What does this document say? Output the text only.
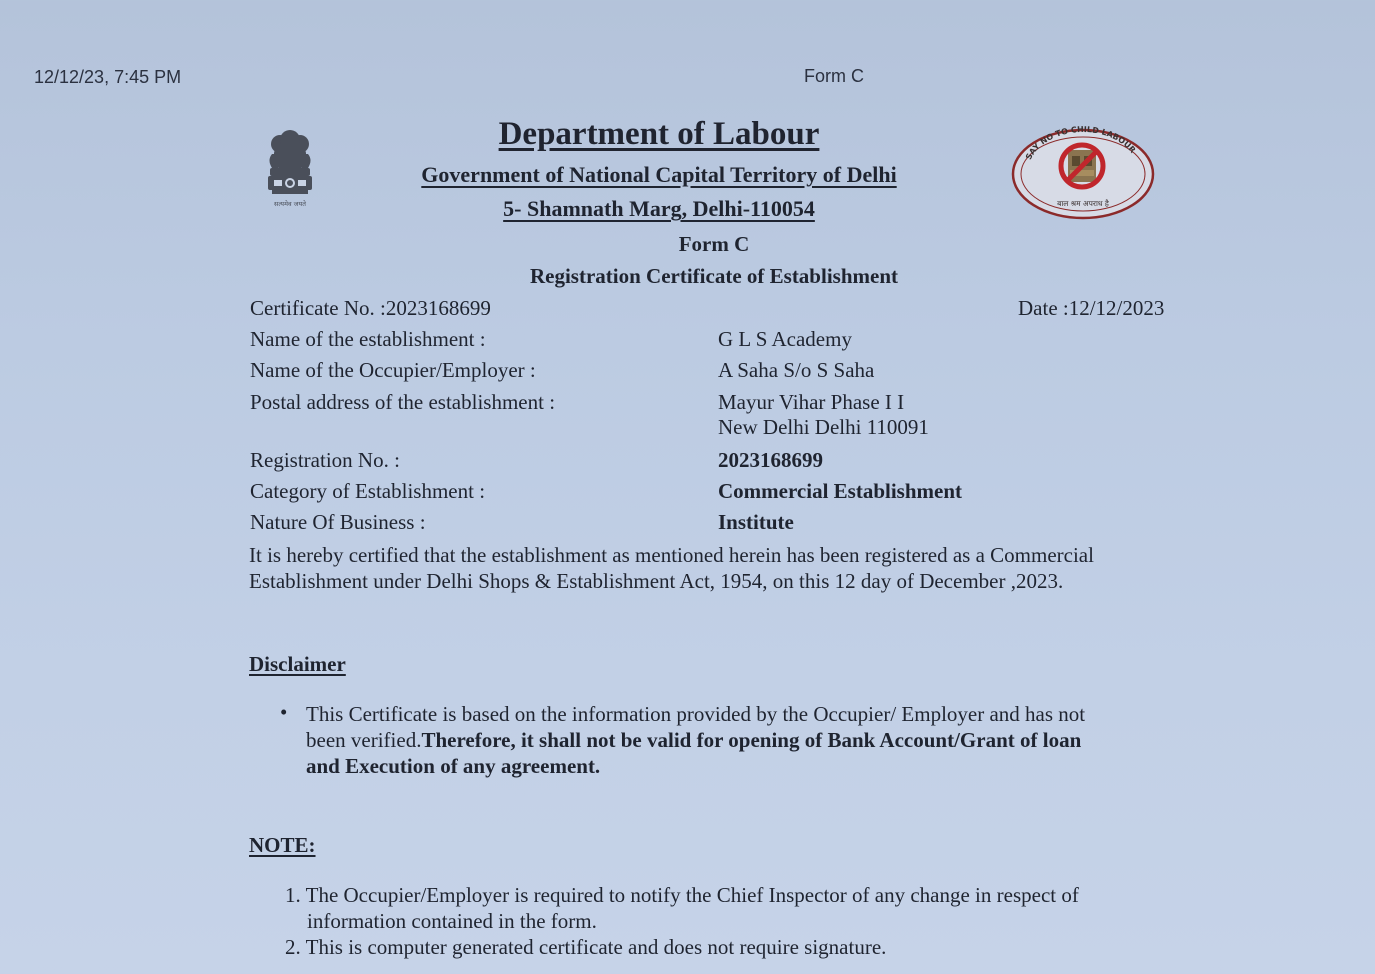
12/12/23, 7:45 PM	Form C
सत्यमेव जयते
SAY NO TO CHILD LABOUR
बाल श्रम अपराध है
Department of Labour
Government of National Capital Territory of Delhi
5- Shamnath Marg, Delhi-110054
Form C
Registration Certificate of Establishment
Certificate No. :2023168699	Date :12/12/2023
Name of the establishment :	G L S Academy
Name of the Occupier/Employer :	A Saha S/o S Saha
Postal address of the establishment :	Mayur Vihar Phase I I
New Delhi Delhi 110091
Registration No. :	2023168699
Category of Establishment :	Commercial Establishment
Nature Of Business :	Institute
It is hereby certified that the establishment as mentioned herein has been registered as a Commercial
Establishment under Delhi Shops & Establishment Act, 1954, on this 12 day of December ,2023.
Disclaimer
• This Certificate is based on the information provided by the Occupier/ Employer and has not
been verified.Therefore, it shall not be valid for opening of Bank Account/Grant of loan
and Execution of any agreement.
NOTE:
1. The Occupier/Employer is required to notify the Chief Inspector of any change in respect of
information contained in the form.
2. This is computer generated certificate and does not require signature.
